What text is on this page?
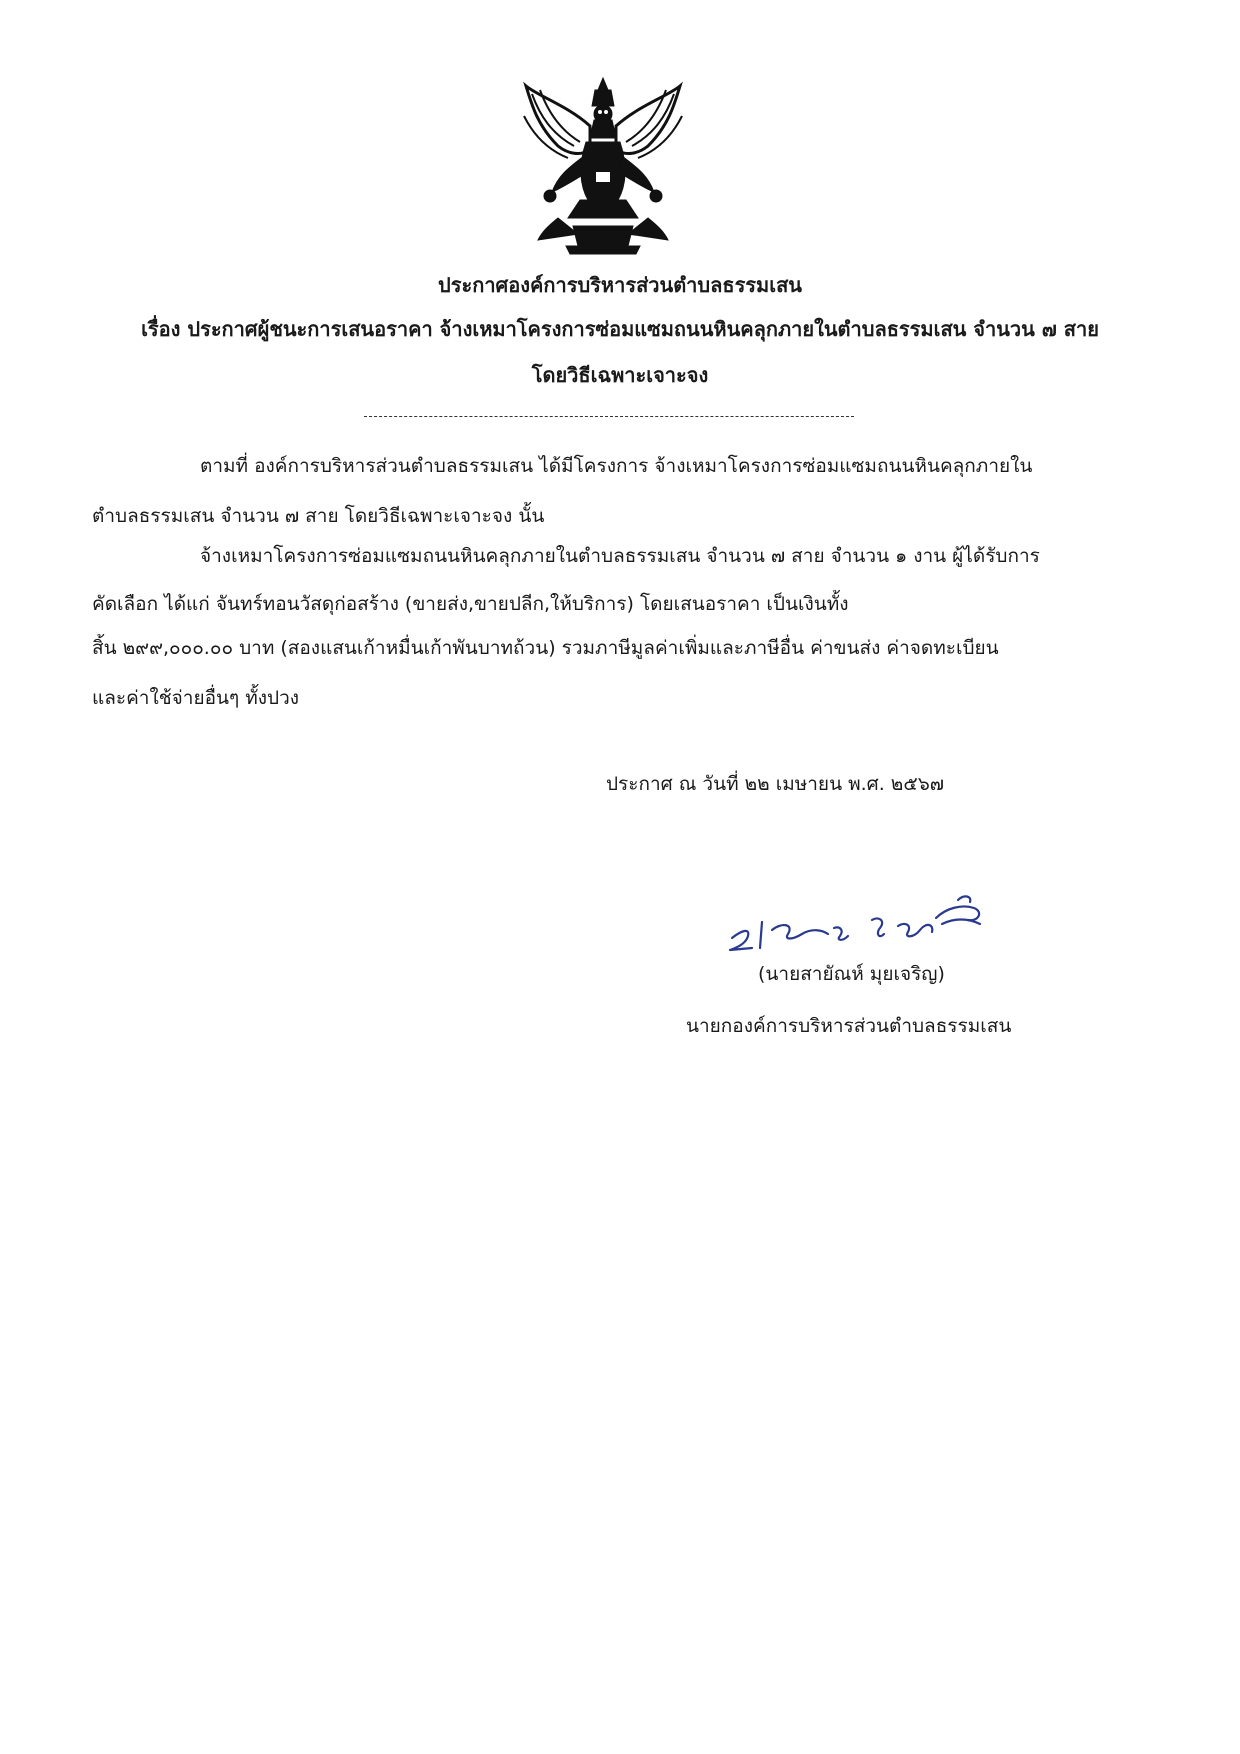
ประกาศองค์การบริหารส่วนตำบลธรรมเสน
เรื่อง ประกาศผู้ชนะการเสนอราคา จ้างเหมาโครงการซ่อมแซมถนนหินคลุกภายในตำบลธรรมเสน จำนวน ๗ สาย
โดยวิธีเฉพาะเจาะจง
ตามที่ องค์การบริหารส่วนตำบลธรรมเสน ได้มีโครงการ จ้างเหมาโครงการซ่อมแซมถนนหินคลุกภายใน
ตำบลธรรมเสน จำนวน ๗ สาย โดยวิธีเฉพาะเจาะจง นั้น
จ้างเหมาโครงการซ่อมแซมถนนหินคลุกภายในตำบลธรรมเสน จำนวน ๗ สาย จำนวน ๑ งาน ผู้ได้รับการ
คัดเลือก ได้แก่ จันทร์ทอนวัสดุก่อสร้าง (ขายส่ง,ขายปลีก,ให้บริการ) โดยเสนอราคา เป็นเงินทั้ง
สิ้น ๒๙๙,๐๐๐.๐๐ บาท (สองแสนเก้าหมื่นเก้าพันบาทถ้วน) รวมภาษีมูลค่าเพิ่มและภาษีอื่น ค่าขนส่ง ค่าจดทะเบียน
และค่าใช้จ่ายอื่นๆ ทั้งปวง
ประกาศ ณ วันที่ ๒๒ เมษายน พ.ศ. ๒๕๖๗
(นายสายัณห์ มุยเจริญ)
นายกองค์การบริหารส่วนตำบลธรรมเสน
